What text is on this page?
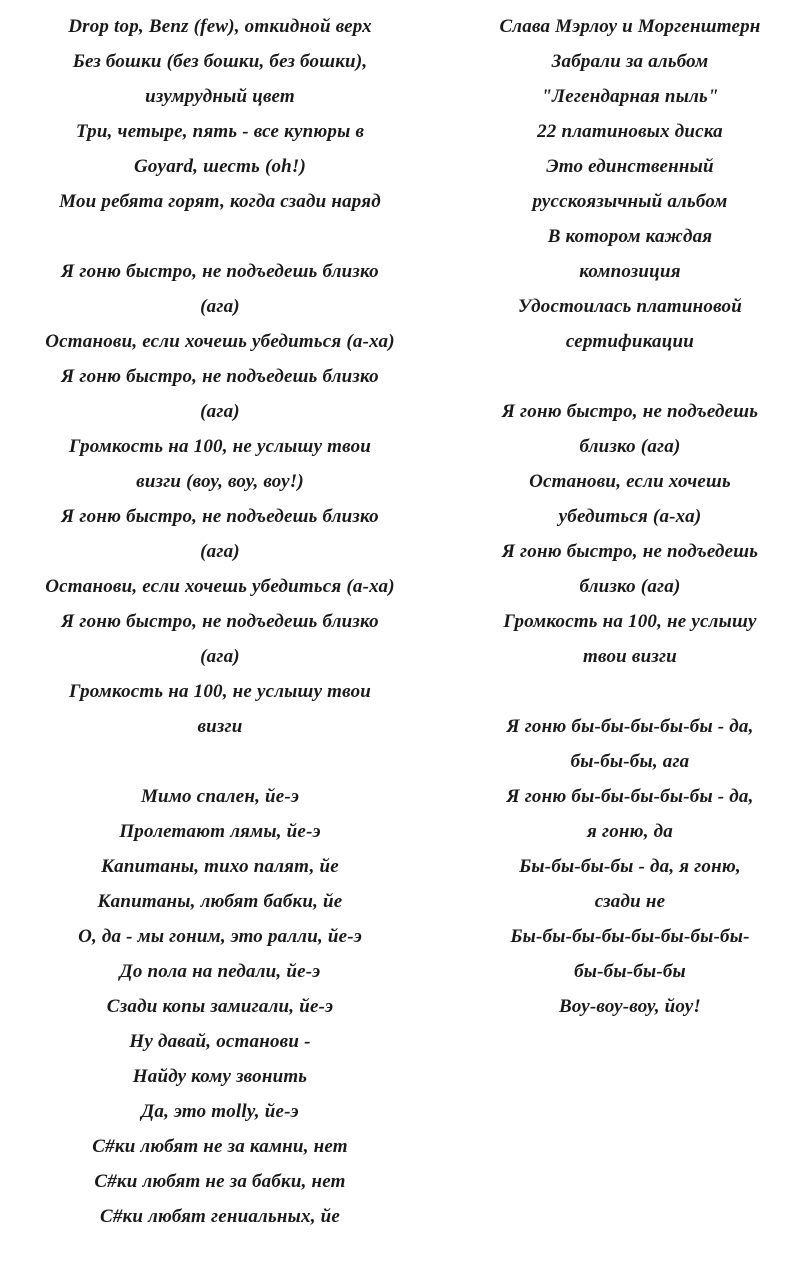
Drop top, Benz (few), откидной верх
Без бошки (без бошки, без бошки),
изумрудный цвет
Три, четыре, пять - все купюры в
Goyard, шесть (oh!)
Мои ребята горят, когда сзади наряд
Я гоню быстро, не подъедешь близко
(ага)
Останови, если хочешь убедиться (а-ха)
Я гоню быстро, не подъедешь близко
(ага)
Громкость на 100, не услышу твои
визги (воу, воу, воу!)
Я гоню быстро, не подъедешь близко
(ага)
Останови, если хочешь убедиться (а-ха)
Я гоню быстро, не подъедешь близко
(ага)
Громкость на 100, не услышу твои
визги
Мимо спален, йе-э
Пролетают лямы, йе-э
Капитаны, тихо палят, йе
Капитаны, любят бабки, йе
О, да - мы гоним, это ралли, йе-э
До пола на педали, йе-э
Сзади копы замигали, йе-э
Ну давай, останови -
Найду кому звонить
Да, это molly, йе-э
С#ки любят не за камни, нет
С#ки любят не за бабки, нет
С#ки любят гениальных, йе
Слава Мэрлоу и Моргенштерн
Забрали за альбом
"Легендарная пыль"
22 платиновых диска
Это единственный
русскоязычный альбом
В котором каждая
композиция
Удостоилась платиновой
сертификации
Я гоню быстро, не подъедешь
близко (ага)
Останови, если хочешь
убедиться (а-ха)
Я гоню быстро, не подъедешь
близко (ага)
Громкость на 100, не услышу
твои визги
Я гоню бы-бы-бы-бы-бы - да,
бы-бы-бы, ага
Я гоню бы-бы-бы-бы-бы - да,
я гоню, да
Бы-бы-бы-бы - да, я гоню,
сзади не
Бы-бы-бы-бы-бы-бы-бы-бы-
бы-бы-бы-бы
Воу-воу-воу, йоу!
